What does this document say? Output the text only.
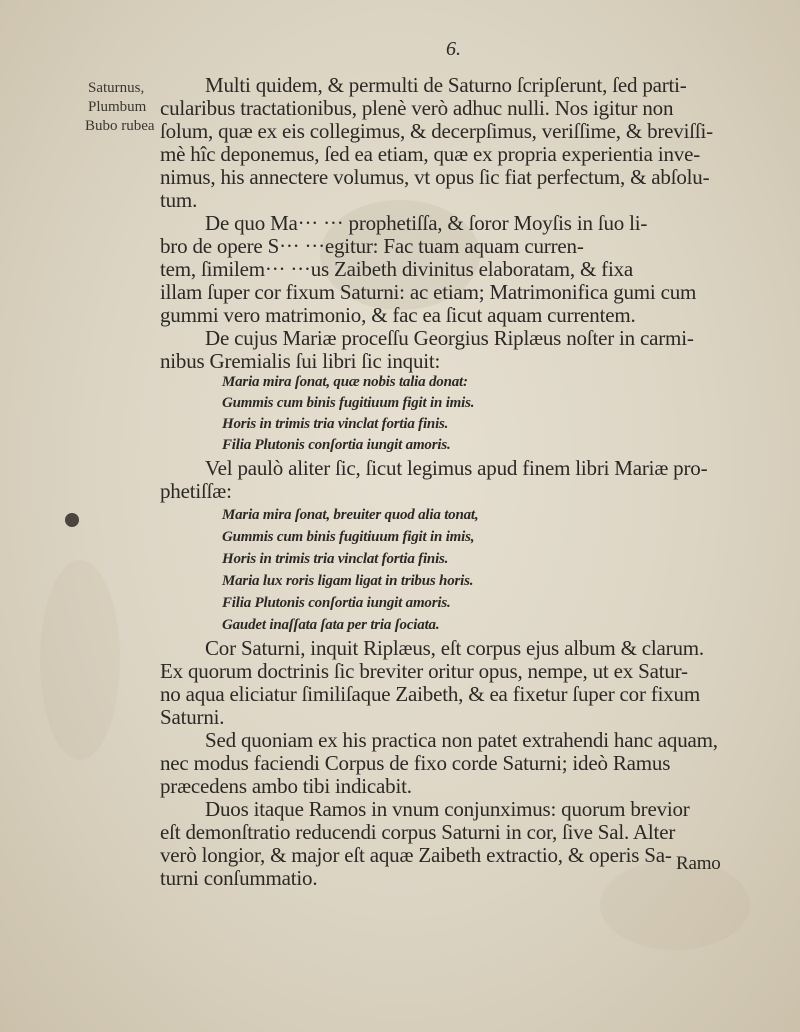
6.
Saturnus,
Plumbum
Bubo rubea
Multi quidem, & permulti de Saturno ſcripſerunt, ſed parti-
cularibus tractationibus, plenè verò adhuc nulli. Nos igitur non
ſolum, quæ ex eis collegimus, & decerpſimus, veriſſime, & breviſſi-
mè hîc deponemus, ſed ea etiam, quæ ex propria experientia inve-
nimus, his annectere volumus, vt opus ſic fiat perfectum, & abſolu-
tum.
De quo Ma··· ··· prophetiſſa, & ſoror Moyſis in ſuo li-
bro de opere S··· ···egitur: Fac tuam aquam curren-
tem, ſimilem··· ···us Zaibeth divinitus elaboratam, & fixa
illam ſuper cor fixum Saturni: ac etiam; Matrimonifica gumi cum
gummi vero matrimonio, & fac ea ſicut aquam currentem.
De cujus Mariæ proceſſu Georgius Riplæus noſter in carmi-
nibus Gremialis ſui libri ſic inquit:
Maria mira ſonat, quæ nobis talia donat:
Gummis cum binis fugitiuum figit in imis.
Horis in trimis tria vinclat fortia finis.
Filia Plutonis conſortia iungit amoris.
Vel paulò aliter ſic, ſicut legimus apud finem libri Mariæ pro-
phetiſſæ:
Maria mira ſonat, breuiter quod alia tonat,
Gummis cum binis fugitiuum figit in imis,
Horis in trimis tria vinclat fortia finis.
Maria lux roris ligam ligat in tribus horis.
Filia Plutonis conſortia iungit amoris.
Gaudet inaſſata ſata per tria ſociata.
Cor Saturni, inquit Riplæus, eſt corpus ejus album & clarum.
Ex quorum doctrinis ſic breviter oritur opus, nempe, ut ex Satur-
no aqua eliciatur ſimiliſaque Zaibeth, & ea fixetur ſuper cor fixum
Saturni.
Sed quoniam ex his practica non patet extrahendi hanc aquam,
nec modus faciendi Corpus de fixo corde Saturni; ideò Ramus
præcedens ambo tibi indicabit.
Duos itaque Ramos in vnum conjunximus: quorum brevior
eſt demonſtratio reducendi corpus Saturni in cor, ſive Sal. Alter
verò longior, & major eſt aquæ Zaibeth extractio, & operis Sa-
turni conſummatio.
Ramo
